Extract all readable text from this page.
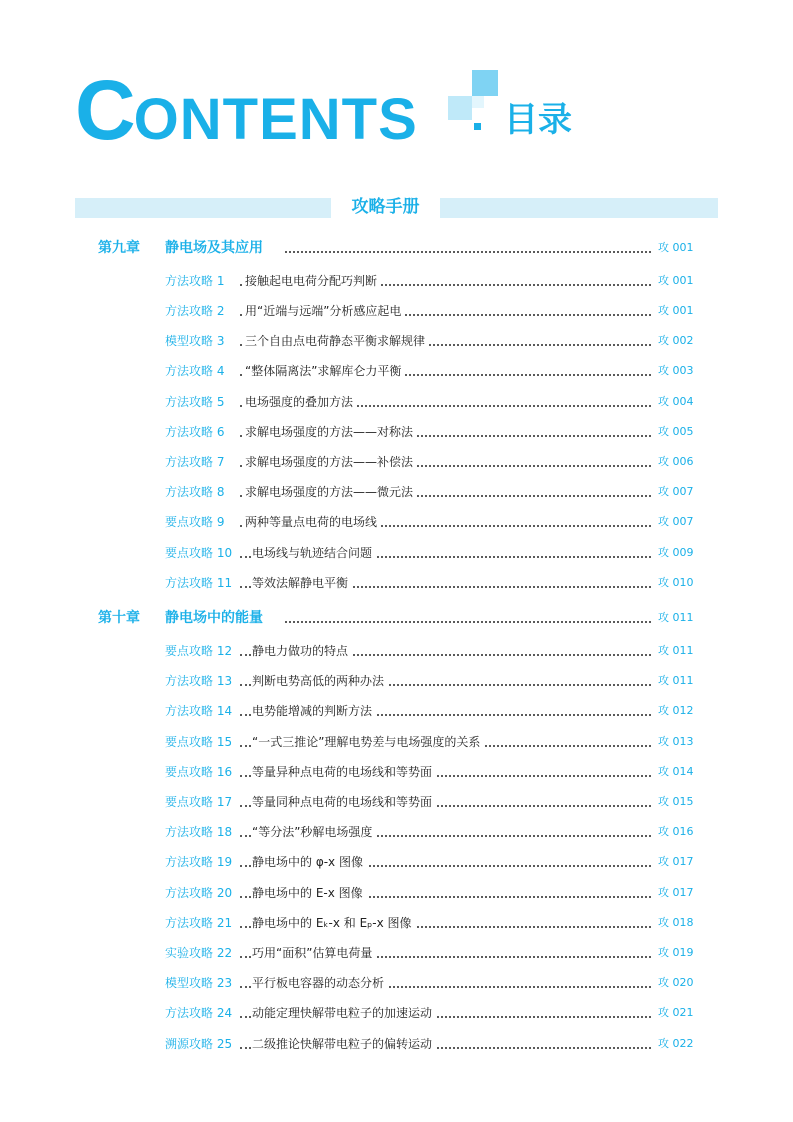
CONTENTS	目录
攻略手册
第九章 静电场及其应用	攻 001
方法攻略 1 接触起电电荷分配巧判断	攻 001
方法攻略 2 用“近端与远端”分析感应起电	攻 001
模型攻略 3 三个自由点电荷静态平衡求解规律	攻 002
方法攻略 4 “整体隔离法”求解库仑力平衡	攻 003
方法攻略 5 电场强度的叠加方法	攻 004
方法攻略 6 求解电场强度的方法——对称法	攻 005
方法攻略 7 求解电场强度的方法——补偿法	攻 006
方法攻略 8 求解电场强度的方法——微元法	攻 007
要点攻略 9 两种等量点电荷的电场线	攻 007
要点攻略 10 电场线与轨迹结合问题	攻 009
方法攻略 11 等效法解静电平衡	攻 010
第十章 静电场中的能量	攻 011
要点攻略 12 静电力做功的特点	攻 011
方法攻略 13 判断电势高低的两种办法	攻 011
方法攻略 14 电势能增减的判断方法	攻 012
要点攻略 15 “一式三推论”理解电势差与电场强度的关系	攻 013
要点攻略 16 等量异种点电荷的电场线和等势面	攻 014
要点攻略 17 等量同种点电荷的电场线和等势面	攻 015
方法攻略 18 “等分法”秒解电场强度	攻 016
方法攻略 19 静电场中的 φ-x 图像	攻 017
方法攻略 20 静电场中的 E-x 图像	攻 017
方法攻略 21 静电场中的 Eₖ-x 和 Eₚ-x 图像	攻 018
实验攻略 22 巧用“面积”估算电荷量	攻 019
模型攻略 23 平行板电容器的动态分析	攻 020
方法攻略 24 动能定理快解带电粒子的加速运动	攻 021
溯源攻略 25 二级推论快解带电粒子的偏转运动	攻 022
